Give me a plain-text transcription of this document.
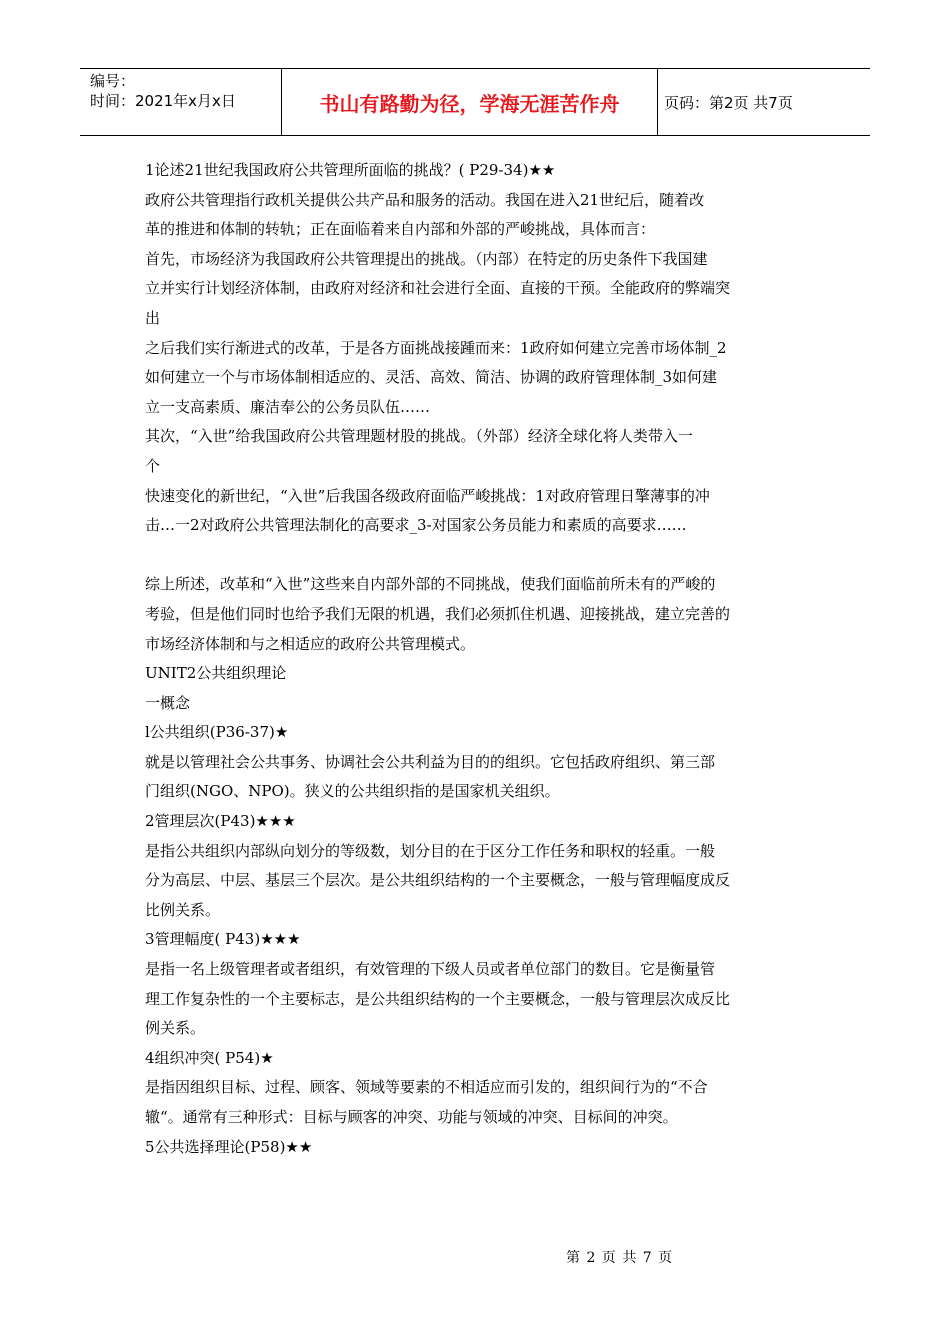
编号：
时间：2021年x月x日	书山有路勤为径，学海无涯苦作舟	页码：第2页 共7页

1论述21世纪我国政府公共管理所面临的挑战？( P29-34)★★

政府公共管理指行政机关提供公共产品和服务的活动。我国在进入21世纪后，随着改

革的推进和体制的转轨；正在面临着来自内部和外部的严峻挑战，具体而言：

首先，市场经济为我国政府公共管理提出的挑战。（内部）在特定的历史条件下我国建

立并实行计划经济体制，由政府对经济和社会进行全面、直接的干预。全能政府的弊端突

出

之后我们实行渐进式的改革，于是各方面挑战接踵而来：1政府如何建立完善市场体制_2

如何建立一个与市场体制相适应的、灵活、高效、简洁、协调的政府管理体制_3如何建

立一支高素质、廉洁奉公的公务员队伍……

其次，“入世”给我国政府公共管理题材股的挑战。（外部）经济全球化将人类带入一

个

快速变化的新世纪，“入世”后我国各级政府面临严峻挑战：1对政府管理日擎薄事的冲

击…一2对政府公共管理法制化的高要求_3-对国家公务员能力和素质的高要求……

综上所述，改革和“入世”这些来自内部外部的不同挑战，使我们面临前所未有的严峻的

考验，但是他们同时也给予我们无限的机遇，我们必须抓住机遇、迎接挑战，建立完善的

市场经济体制和与之相适应的政府公共管理模式。

UNIT2公共组织理论

一概念

l公共组织(P36-37)★

就是以管理社会公共事务、协调社会公共利益为目的的组织。它包括政府组织、第三部

门组织(NGO、NPO)。狭义的公共组织指的是国家机关组织。

2管理层次(P43)★★★

是指公共组织内部纵向划分的等级数，划分目的在于区分工作任务和职权的轻重。一般

分为高层、中层、基层三个层次。是公共组织结构的一个主要概念，一般与管理幅度成反

比例关系。

3管理幅度( P43)★★★

是指一名上级管理者或者组织，有效管理的下级人员或者单位部门的数目。它是衡量管

理工作复杂性的一个主要标志，是公共组织结构的一个主要概念，一般与管理层次成反比

例关系。

4组织冲突( P54)★

是指因组织目标、过程、顾客、领域等要素的不相适应而引发的，组织间行为的“不合

辙“。通常有三种形式：目标与顾客的冲突、功能与领域的冲突、目标间的冲突。

5公共选择理论(P58)★★

第 2 页 共 7 页
